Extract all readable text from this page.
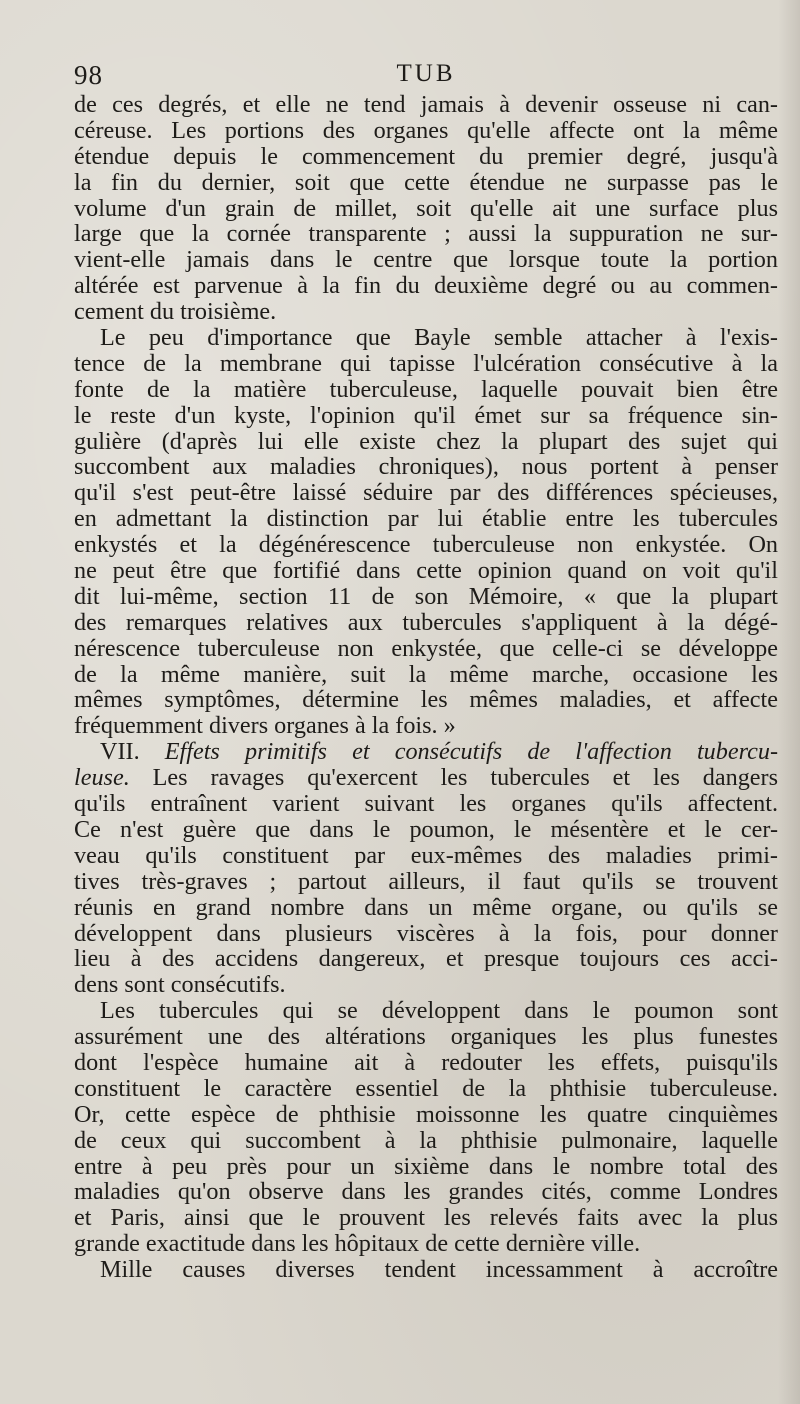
98	TUB
de ces degrés, et elle ne tend jamais à devenir osseuse ni can-
céreuse. Les portions des organes qu'elle affecte ont la même
étendue depuis le commencement du premier degré, jusqu'à
la fin du dernier, soit que cette étendue ne surpasse pas le
volume d'un grain de millet, soit qu'elle ait une surface plus
large que la cornée transparente ; aussi la suppuration ne sur-
vient-elle jamais dans le centre que lorsque toute la portion
altérée est parvenue à la fin du deuxième degré ou au commen-
cement du troisième.
Le peu d'importance que Bayle semble attacher à l'exis-
tence de la membrane qui tapisse l'ulcération consécutive à la
fonte de la matière tuberculeuse, laquelle pouvait bien être
le reste d'un kyste, l'opinion qu'il émet sur sa fréquence sin-
gulière (d'après lui elle existe chez la plupart des sujet qui
succombent aux maladies chroniques), nous portent à penser
qu'il s'est peut-être laissé séduire par des différences spécieuses,
en admettant la distinction par lui établie entre les tubercules
enkystés et la dégénérescence tuberculeuse non enkystée. On
ne peut être que fortifié dans cette opinion quand on voit qu'il
dit lui-même, section 11 de son Mémoire, « que la plupart
des remarques relatives aux tubercules s'appliquent à la dégé-
nérescence tuberculeuse non enkystée, que celle-ci se développe
de la même manière, suit la même marche, occasione les
mêmes symptômes, détermine les mêmes maladies, et affecte
fréquemment divers organes à la fois. »
VII. Effets primitifs et consécutifs de l'affection tubercu-
leuse. Les ravages qu'exercent les tubercules et les dangers
qu'ils entraînent varient suivant les organes qu'ils affectent.
Ce n'est guère que dans le poumon, le mésentère et le cer-
veau qu'ils constituent par eux-mêmes des maladies primi-
tives très-graves ; partout ailleurs, il faut qu'ils se trouvent
réunis en grand nombre dans un même organe, ou qu'ils se
développent dans plusieurs viscères à la fois, pour donner
lieu à des accidens dangereux, et presque toujours ces acci-
dens sont consécutifs.
Les tubercules qui se développent dans le poumon sont
assurément une des altérations organiques les plus funestes
dont l'espèce humaine ait à redouter les effets, puisqu'ils
constituent le caractère essentiel de la phthisie tuberculeuse.
Or, cette espèce de phthisie moissonne les quatre cinquièmes
de ceux qui succombent à la phthisie pulmonaire, laquelle
entre à peu près pour un sixième dans le nombre total des
maladies qu'on observe dans les grandes cités, comme Londres
et Paris, ainsi que le prouvent les relevés faits avec la plus
grande exactitude dans les hôpitaux de cette dernière ville.
Mille causes diverses tendent incessamment à accroître
